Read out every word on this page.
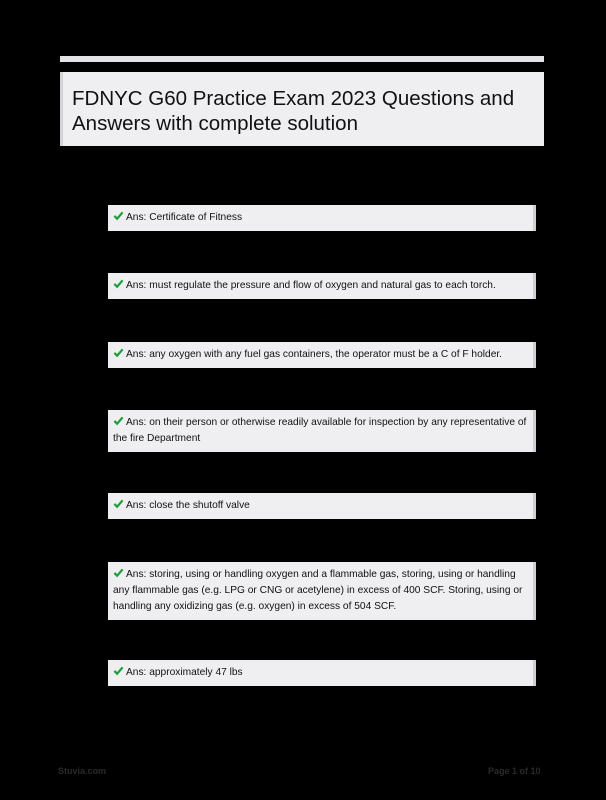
FDNYC G60 Practice Exam 2023 Questions and Answers with complete solution
Ans: Certificate of Fitness
Ans: must regulate the pressure and flow of oxygen and natural gas to each torch.
Ans: any oxygen with any fuel gas containers, the operator must be a C of F holder.
Ans: on their person or otherwise readily available for inspection by any representative of the fire Department
Ans: close the shutoff valve
Ans: storing, using or handling oxygen and a flammable gas, storing, using or handling any flammable gas (e.g. LPG or CNG or acetylene) in excess of 400 SCF. Storing, using or handling any oxidizing gas (e.g. oxygen) in excess of 504 SCF.
Ans: approximately 47 lbs
Stuvia.com	Page 1 of 10
